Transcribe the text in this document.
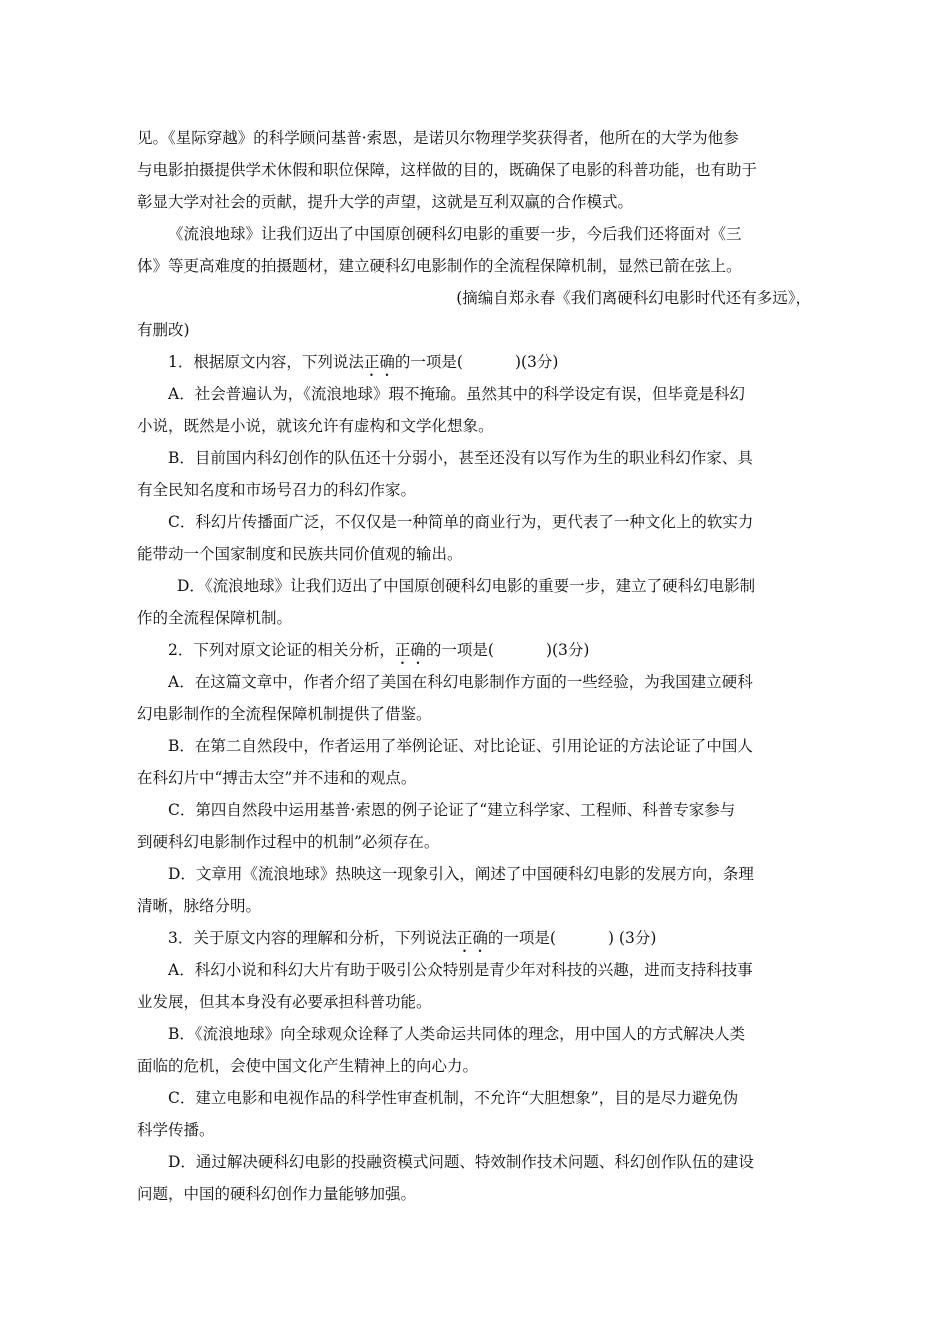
见。《星际穿越》的科学顾问基普·索恩，是诺贝尔物理学奖获得者，他所在的大学为他参
与电影拍摄提供学术休假和职位保障，这样做的目的，既确保了电影的科普功能，也有助于
彰显大学对社会的贡献，提升大学的声望，这就是互利双赢的合作模式。
《流浪地球》让我们迈出了中国原创硬科幻电影的重要一步，今后我们还将面对《三
体》等更高难度的拍摄题材，建立硬科幻电影制作的全流程保障机制，显然已箭在弦上。
(摘编自郑永春《我们离硬科幻电影时代还有多远》，
有删改)
1．根据原文内容，下列说法正确的一项是(	)(3分)
A．社会普遍认为，《流浪地球》瑕不掩瑜。虽然其中的科学设定有误，但毕竟是科幻
小说，既然是小说，就该允许有虚构和文学化想象。
B．目前国内科幻创作的队伍还十分弱小，甚至还没有以写作为生的职业科幻作家、具
有全民知名度和市场号召力的科幻作家。
C．科幻片传播面广泛，不仅仅是一种简单的商业行为，更代表了一种文化上的软实力
能带动一个国家制度和民族共同价值观的输出。
D．《流浪地球》让我们迈出了中国原创硬科幻电影的重要一步，建立了硬科幻电影制
作的全流程保障机制。
2．下列对原文论证的相关分析，正确的一项是(	)(3分)
A．在这篇文章中，作者介绍了美国在科幻电影制作方面的一些经验，为我国建立硬科
幻电影制作的全流程保障机制提供了借鉴。
B．在第二自然段中，作者运用了举例论证、对比论证、引用论证的方法论证了中国人
在科幻片中“搏击太空”并不违和的观点。
C．第四自然段中运用基普·索恩的例子论证了“建立科学家、工程师、科普专家参与
到硬科幻电影制作过程中的机制”必须存在。
D．文章用《流浪地球》热映这一现象引入，阐述了中国硬科幻电影的发展方向，条理
清晰，脉络分明。
3．关于原文内容的理解和分析，下列说法正确的一项是(	) (3分)
A．科幻小说和科幻大片有助于吸引公众特别是青少年对科技的兴趣，进而支持科技事
业发展，但其本身没有必要承担科普功能。
B．《流浪地球》向全球观众诠释了人类命运共同体的理念，用中国人的方式解决人类
面临的危机，会使中国文化产生精神上的向心力。
C．建立电影和电视作品的科学性审查机制，不允许“大胆想象”，目的是尽力避免伪
科学传播。
D．通过解决硬科幻电影的投融资模式问题、特效制作技术问题、科幻创作队伍的建设
问题，中国的硬科幻创作力量能够加强。
